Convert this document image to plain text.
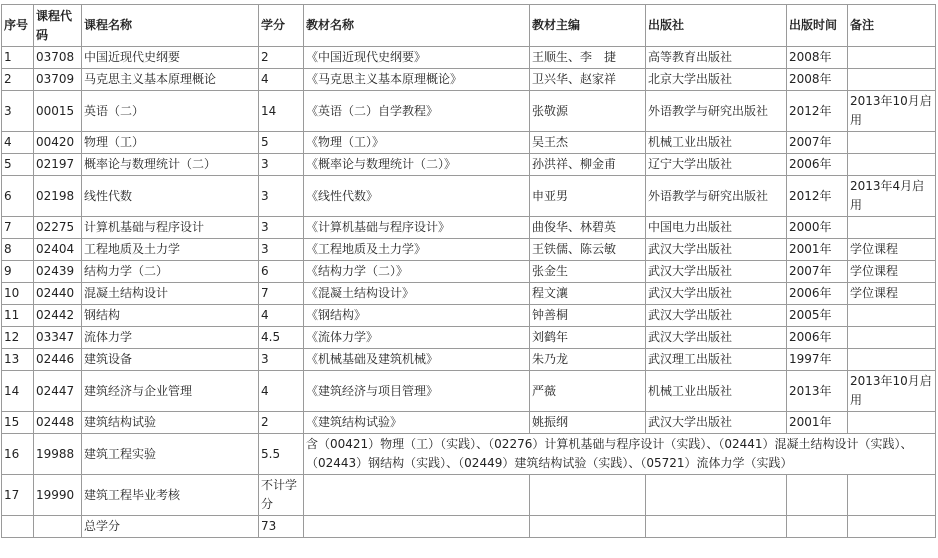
序号	课程代码	课程名称	学分	教材名称	教材主编	出版社	出版时间	备注
1	03708	中国近现代史纲要	2	《中国近现代史纲要》	王顺生、李　捷	高等教育出版社	2008年	
2	03709	马克思主义基本原理概论	4	《马克思主义基本原理概论》	卫兴华、赵家祥	北京大学出版社	2008年	
3	00015	英语（二）	14	《英语（二）自学教程》	张敬源	外语教学与研究出版社	2012年	2013年10月启用
4	00420	物理（工）	5	《物理（工）》	吴王杰	机械工业出版社	2007年	
5	02197	概率论与数理统计（二）	3	《概率论与数理统计（二）》	孙洪祥、柳金甫	辽宁大学出版社	2006年	
6	02198	线性代数	3	《线性代数》	申亚男	外语教学与研究出版社	2012年	2013年4月启用
7	02275	计算机基础与程序设计	3	《计算机基础与程序设计》	曲俊华、林碧英	中国电力出版社	2000年	
8	02404	工程地质及土力学	3	《工程地质及土力学》	王铁儒、陈云敏	武汉大学出版社	2001年	学位课程
9	02439	结构力学（二）	6	《结构力学（二）》	张金生	武汉大学出版社	2007年	学位课程
10	02440	混凝土结构设计	7	《混凝土结构设计》	程文瀼	武汉大学出版社	2006年	学位课程
11	02442	钢结构	4	《钢结构》	钟善桐	武汉大学出版社	2005年	
12	03347	流体力学	4.5	《流体力学》	刘鹤年	武汉大学出版社	2006年	
13	02446	建筑设备	3	《机械基础及建筑机械》	朱乃龙	武汉理工出版社	1997年	
14	02447	建筑经济与企业管理	4	《建筑经济与项目管理》	严薇	机械工业出版社	2013年	2013年10月启用
15	02448	建筑结构试验	2	《建筑结构试验》	姚振纲	武汉大学出版社	2001年	
16	19988	建筑工程实验	5.5	含（00421）物理（工）（实践）、（02276）计算机基础与程序设计（实践）、（02441）混凝土结构设计（实践）、（02443）钢结构（实践）、（02449）建筑结构试验（实践）、（05721）流体力学（实践）				
17	19990	建筑工程毕业考核	不计学分					
		总学分	73					
